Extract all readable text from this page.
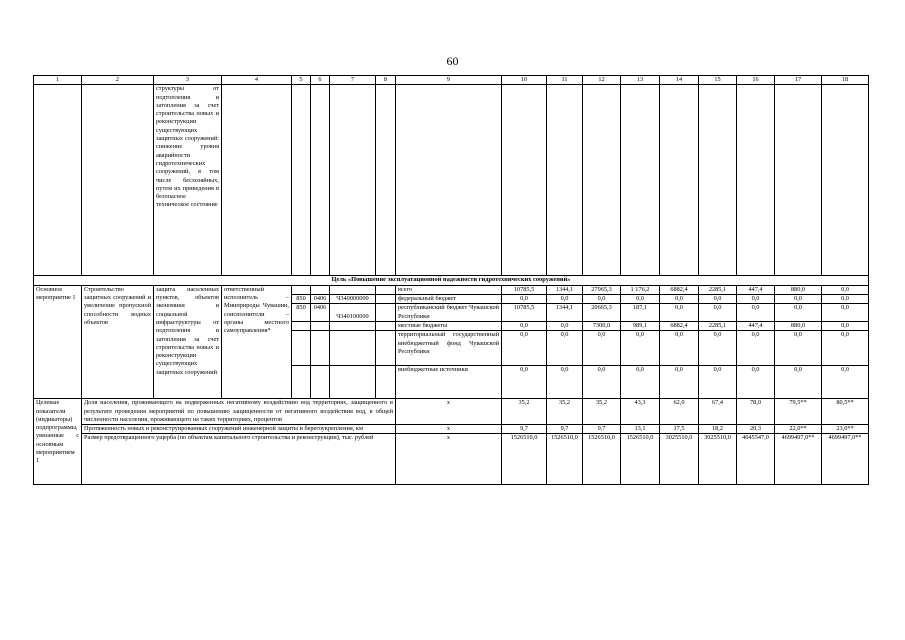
60
1	2	3	4	5	6	7	8	9	10	11	12	13	14	15	16	17	18
		структуры от подтопления и затопления за счет строительства новых и реконструкции существующих защитных сооружений: снижение уровня аварийности гидротехнических сооружений, в том числе бесхозяйных, путем их приведения в безопасное техническое состояние															
Цель «Повышение эксплуатационной надежности гидротехнических сооружений»																	
Основное мероприятие 1	Строительство защитных сооружений и увеличение пропускной способности водных объектов	защита населенных пунктов, объектов экономики и социальной инфраструктуры от подтопления и затопления за счет строительства новых и реконструкции существующих защитных сооружений	ответственный исполнитель – Минприроды Чувашии, соисполнители – органы местного самоуправления*					всего	10785,5	1344,1	27965,3	1 176,2	6882,4	2285,1	447,4	880,0	0,0
				850	0406	Ч340000000		федеральный бюджет	0,0	0,0	0,0	0,0	0,0	0,0	0,0	0,0	0,0
				850	0406	Ч340100000		республиканский бюджет Чувашской Республики	10785,5	1344,1	20665,3	187,1	0,0	0,0	0,0	0,0	0,0
								местные бюджеты	0,0	0,0	7300,0	989,1	6882,4	2285,1	447,4	880,0	0,0
								территориальный государственный внебюджетный фонд Чувашской Республики	0,0	0,0	0,0	0,0	0,0	0,0	0,0	0,0	0,0
								внебюджетные источники	0,0	0,0	0,0	0,0	0,0	0,0	0,0	0,0	0,0
Целевые показатели (индикаторы) подпрограммы, увязанные с основным мероприятием 1	Доля населения, проживающего на подверженных негативному воздействию вод территориях, защищенного в результате проведения мероприятий по повышению защищенности от негативного воздействия вод, в общей численности населения, проживающего на таких территориях, процентов							x	35,2	35,2	35,2	43,3	62,0	67,4	78,0	79,5**	80,5**
	Протяженность новых и реконструированных сооружений инженерной защиты и берегоукрепления, км							x	9,7	9,7	9,7	13,1	17,5	18,2	20,3	22,0**	23,0**
	Размер предотвращенного ущерба (по объектам капитального строительства и реконструкции), тыс. рублей							x	1526510,0	1526510,0	1526510,0	1526510,0	3025510,0	3025510,0	4645547,0	4699497,0**	4699497,0**
